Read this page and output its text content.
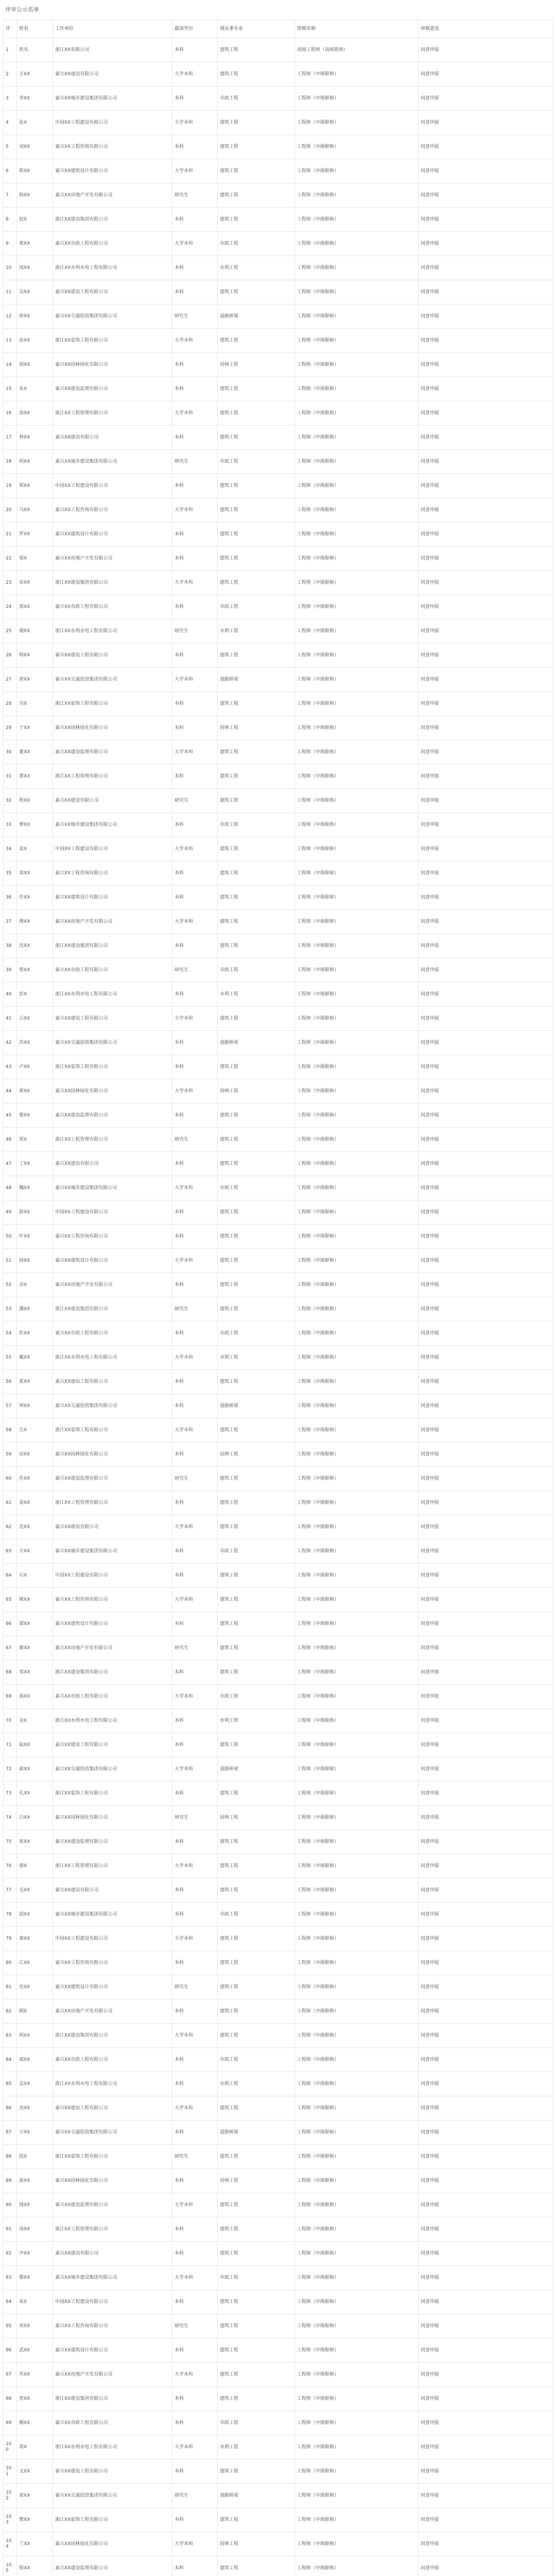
评审公示名单
序	姓名	工作单位	最高学历	现从事专业	资格名称	审核意见
1	姓名	浙江XX有限公司	本科	建筑工程	高级工程师（高级职称）	同意申报
2	王XX	嘉兴XX建设有限公司	大学本科	建筑工程	工程师（中级职称）	同意申报
3	李XX	嘉兴XX城市建设集团有限公司	本科	市政工程	工程师（中级职称）	同意申报
4	张X	中国XX工程建设有限公司	大学本科	建筑工程	工程师（中级职称）	同意申报
5	刘XX	嘉兴XX工程咨询有限公司	本科	建筑工程	工程师（中级职称）	同意申报
6	陈XX	嘉兴XX建筑设计有限公司	大学本科	建筑工程	工程师（中级职称）	同意申报
7	杨XX	嘉兴XX房地产开发有限公司	研究生	建筑工程	工程师（中级职称）	同意申报
8	赵X	浙江XX建设集团有限公司	本科	建筑工程	工程师（中级职称）	同意申报
9	黄XX	嘉兴XX市政工程有限公司	大学本科	市政工程	工程师（中级职称）	同意申报
10	周XX	浙江XX水利水电工程有限公司	本科	水利工程	工程师（中级职称）	同意申报
11	吴XX	嘉兴XX建设工程有限公司	本科	建筑工程	工程师（中级职称）	同意申报
12	徐XX	嘉兴XX交通投资集团有限公司	研究生	道路桥梁	工程师（中级职称）	同意申报
13	孙XX	浙江XX装饰工程有限公司	大学本科	建筑工程	工程师（中级职称）	同意申报
14	胡XX	嘉兴XX园林绿化有限公司	本科	园林工程	工程师（中级职称）	同意申报
15	朱X	嘉兴XX建设监理有限公司	本科	建筑工程	工程师（中级职称）	同意申报
16	高XX	浙江XX工程管理有限公司	大学本科	建筑工程	工程师（中级职称）	同意申报
17	林XX	嘉兴XX建设有限公司	本科	建筑工程	工程师（中级职称）	同意申报
18	何XX	嘉兴XX城市建设集团有限公司	研究生	市政工程	工程师（中级职称）	同意申报
19	郭XX	中国XX工程建设有限公司	本科	建筑工程	工程师（中级职称）	同意申报
20	马XX	嘉兴XX工程咨询有限公司	大学本科	建筑工程	工程师（中级职称）	同意申报
21	罗XX	嘉兴XX建筑设计有限公司	本科	建筑工程	工程师（中级职称）	同意申报
22	梁X	嘉兴XX房地产开发有限公司	本科	建筑工程	工程师（中级职称）	同意申报
23	宋XX	浙江XX建设集团有限公司	大学本科	建筑工程	工程师（中级职称）	同意申报
24	郑XX	嘉兴XX市政工程有限公司	本科	市政工程	工程师（中级职称）	同意申报
25	谢XX	浙江XX水利水电工程有限公司	研究生	水利工程	工程师（中级职称）	同意申报
26	韩XX	嘉兴XX建设工程有限公司	本科	建筑工程	工程师（中级职称）	同意申报
27	唐XX	嘉兴XX交通投资集团有限公司	大学本科	道路桥梁	工程师（中级职称）	同意申报
28	冯X	浙江XX装饰工程有限公司	本科	建筑工程	工程师（中级职称）	同意申报
29	于XX	嘉兴XX园林绿化有限公司	本科	园林工程	工程师（中级职称）	同意申报
30	董XX	嘉兴XX建设监理有限公司	大学本科	建筑工程	工程师（中级职称）	同意申报
31	萧XX	浙江XX工程管理有限公司	本科	建筑工程	工程师（中级职称）	同意申报
32	程XX	嘉兴XX建设有限公司	研究生	建筑工程	工程师（中级职称）	同意申报
33	曹XX	嘉兴XX城市建设集团有限公司	本科	市政工程	工程师（中级职称）	同意申报
34	袁X	中国XX工程建设有限公司	大学本科	建筑工程	工程师（中级职称）	同意申报
35	邓XX	嘉兴XX工程咨询有限公司	本科	建筑工程	工程师（中级职称）	同意申报
36	许XX	嘉兴XX建筑设计有限公司	本科	建筑工程	工程师（中级职称）	同意申报
37	傅XX	嘉兴XX房地产开发有限公司	大学本科	建筑工程	工程师（中级职称）	同意申报
38	沈XX	浙江XX建设集团有限公司	本科	建筑工程	工程师（中级职称）	同意申报
39	曾XX	嘉兴XX市政工程有限公司	研究生	市政工程	工程师（中级职称）	同意申报
40	彭X	浙江XX水利水电工程有限公司	本科	水利工程	工程师（中级职称）	同意申报
41	吕XX	嘉兴XX建设工程有限公司	大学本科	建筑工程	工程师（中级职称）	同意申报
42	苏XX	嘉兴XX交通投资集团有限公司	本科	道路桥梁	工程师（中级职称）	同意申报
43	卢XX	浙江XX装饰工程有限公司	本科	建筑工程	工程师（中级职称）	同意申报
44	蒋XX	嘉兴XX园林绿化有限公司	大学本科	园林工程	工程师（中级职称）	同意申报
45	蔡XX	嘉兴XX建设监理有限公司	本科	建筑工程	工程师（中级职称）	同意申报
46	贾X	浙江XX工程管理有限公司	研究生	建筑工程	工程师（中级职称）	同意申报
47	丁XX	嘉兴XX建设有限公司	本科	建筑工程	工程师（中级职称）	同意申报
48	魏XX	嘉兴XX城市建设集团有限公司	大学本科	市政工程	工程师（中级职称）	同意申报
49	薛XX	中国XX工程建设有限公司	本科	建筑工程	工程师（中级职称）	同意申报
50	叶XX	嘉兴XX工程咨询有限公司	本科	建筑工程	工程师（中级职称）	同意申报
51	阎XX	嘉兴XX建筑设计有限公司	大学本科	建筑工程	工程师（中级职称）	同意申报
52	余X	嘉兴XX房地产开发有限公司	本科	建筑工程	工程师（中级职称）	同意申报
53	潘XX	浙江XX建设集团有限公司	研究生	建筑工程	工程师（中级职称）	同意申报
54	杜XX	嘉兴XX市政工程有限公司	本科	市政工程	工程师（中级职称）	同意申报
55	戴XX	浙江XX水利水电工程有限公司	大学本科	水利工程	工程师（中级职称）	同意申报
56	夏XX	嘉兴XX建设工程有限公司	本科	建筑工程	工程师（中级职称）	同意申报
57	钟XX	嘉兴XX交通投资集团有限公司	本科	道路桥梁	工程师（中级职称）	同意申报
58	汪X	浙江XX装饰工程有限公司	大学本科	建筑工程	工程师（中级职称）	同意申报
59	田XX	嘉兴XX园林绿化有限公司	本科	园林工程	工程师（中级职称）	同意申报
60	任XX	嘉兴XX建设监理有限公司	研究生	建筑工程	工程师（中级职称）	同意申报
61	姜XX	浙江XX工程管理有限公司	本科	建筑工程	工程师（中级职称）	同意申报
62	范XX	嘉兴XX建设有限公司	大学本科	建筑工程	工程师（中级职称）	同意申报
63	方XX	嘉兴XX城市建设集团有限公司	本科	市政工程	工程师（中级职称）	同意申报
64	石X	中国XX工程建设有限公司	本科	建筑工程	工程师（中级职称）	同意申报
65	姚XX	嘉兴XX工程咨询有限公司	大学本科	建筑工程	工程师（中级职称）	同意申报
66	谭XX	嘉兴XX建筑设计有限公司	本科	建筑工程	工程师（中级职称）	同意申报
67	廖XX	嘉兴XX房地产开发有限公司	研究生	建筑工程	工程师（中级职称）	同意申报
68	邹XX	浙江XX建设集团有限公司	本科	建筑工程	工程师（中级职称）	同意申报
69	熊XX	嘉兴XX市政工程有限公司	大学本科	市政工程	工程师（中级职称）	同意申报
70	金X	浙江XX水利水电工程有限公司	本科	水利工程	工程师（中级职称）	同意申报
71	陆XX	嘉兴XX建设工程有限公司	本科	建筑工程	工程师（中级职称）	同意申报
72	郝XX	嘉兴XX交通投资集团有限公司	大学本科	道路桥梁	工程师（中级职称）	同意申报
73	孔XX	浙江XX装饰工程有限公司	本科	建筑工程	工程师（中级职称）	同意申报
74	白XX	嘉兴XX园林绿化有限公司	研究生	园林工程	工程师（中级职称）	同意申报
75	崔XX	嘉兴XX建设监理有限公司	本科	建筑工程	工程师（中级职称）	同意申报
76	康X	浙江XX工程管理有限公司	大学本科	建筑工程	工程师（中级职称）	同意申报
77	毛XX	嘉兴XX建设有限公司	本科	建筑工程	工程师（中级职称）	同意申报
78	邱XX	嘉兴XX城市建设集团有限公司	本科	市政工程	工程师（中级职称）	同意申报
79	秦XX	中国XX工程建设有限公司	大学本科	建筑工程	工程师（中级职称）	同意申报
80	江XX	嘉兴XX工程咨询有限公司	本科	建筑工程	工程师（中级职称）	同意申报
81	史XX	嘉兴XX建筑设计有限公司	研究生	建筑工程	工程师（中级职称）	同意申报
82	顾X	嘉兴XX房地产开发有限公司	本科	建筑工程	工程师（中级职称）	同意申报
83	侯XX	浙江XX建设集团有限公司	大学本科	建筑工程	工程师（中级职称）	同意申报
84	邵XX	嘉兴XX市政工程有限公司	本科	市政工程	工程师（中级职称）	同意申报
85	孟XX	浙江XX水利水电工程有限公司	本科	水利工程	工程师（中级职称）	同意申报
86	龙XX	嘉兴XX建设工程有限公司	大学本科	建筑工程	工程师（中级职称）	同意申报
87	万XX	嘉兴XX交通投资集团有限公司	本科	道路桥梁	工程师（中级职称）	同意申报
88	段X	浙江XX装饰工程有限公司	研究生	建筑工程	工程师（中级职称）	同意申报
89	雷XX	嘉兴XX园林绿化有限公司	本科	园林工程	工程师（中级职称）	同意申报
90	钱XX	嘉兴XX建设监理有限公司	大学本科	建筑工程	工程师（中级职称）	同意申报
91	汤XX	浙江XX工程管理有限公司	本科	建筑工程	工程师（中级职称）	同意申报
92	尹XX	嘉兴XX建设有限公司	本科	建筑工程	工程师（中级职称）	同意申报
93	黎XX	嘉兴XX城市建设集团有限公司	大学本科	市政工程	工程师（中级职称）	同意申报
94	易X	中国XX工程建设有限公司	本科	建筑工程	工程师（中级职称）	同意申报
95	常XX	嘉兴XX工程咨询有限公司	研究生	建筑工程	工程师（中级职称）	同意申报
96	武XX	嘉兴XX建筑设计有限公司	本科	建筑工程	工程师（中级职称）	同意申报
97	乔XX	嘉兴XX房地产开发有限公司	大学本科	建筑工程	工程师（中级职称）	同意申报
98	贺XX	浙江XX建设集团有限公司	本科	建筑工程	工程师（中级职称）	同意申报
99	赖XX	嘉兴XX市政工程有限公司	本科	市政工程	工程师（中级职称）	同意申报
100	龚X	浙江XX水利水电工程有限公司	大学本科	水利工程	工程师（中级职称）	同意申报
101	文XX	嘉兴XX建设工程有限公司	本科	建筑工程	工程师（中级职称）	同意申报
102	庞XX	嘉兴XX交通投资集团有限公司	研究生	道路桥梁	工程师（中级职称）	同意申报
103	樊XX	浙江XX装饰工程有限公司	本科	建筑工程	工程师（中级职称）	同意申报
104	兰XX	嘉兴XX园林绿化有限公司	大学本科	园林工程	工程师（中级职称）	同意申报
105	殷XX	嘉兴XX建设监理有限公司	本科	建筑工程	工程师（中级职称）	同意申报
